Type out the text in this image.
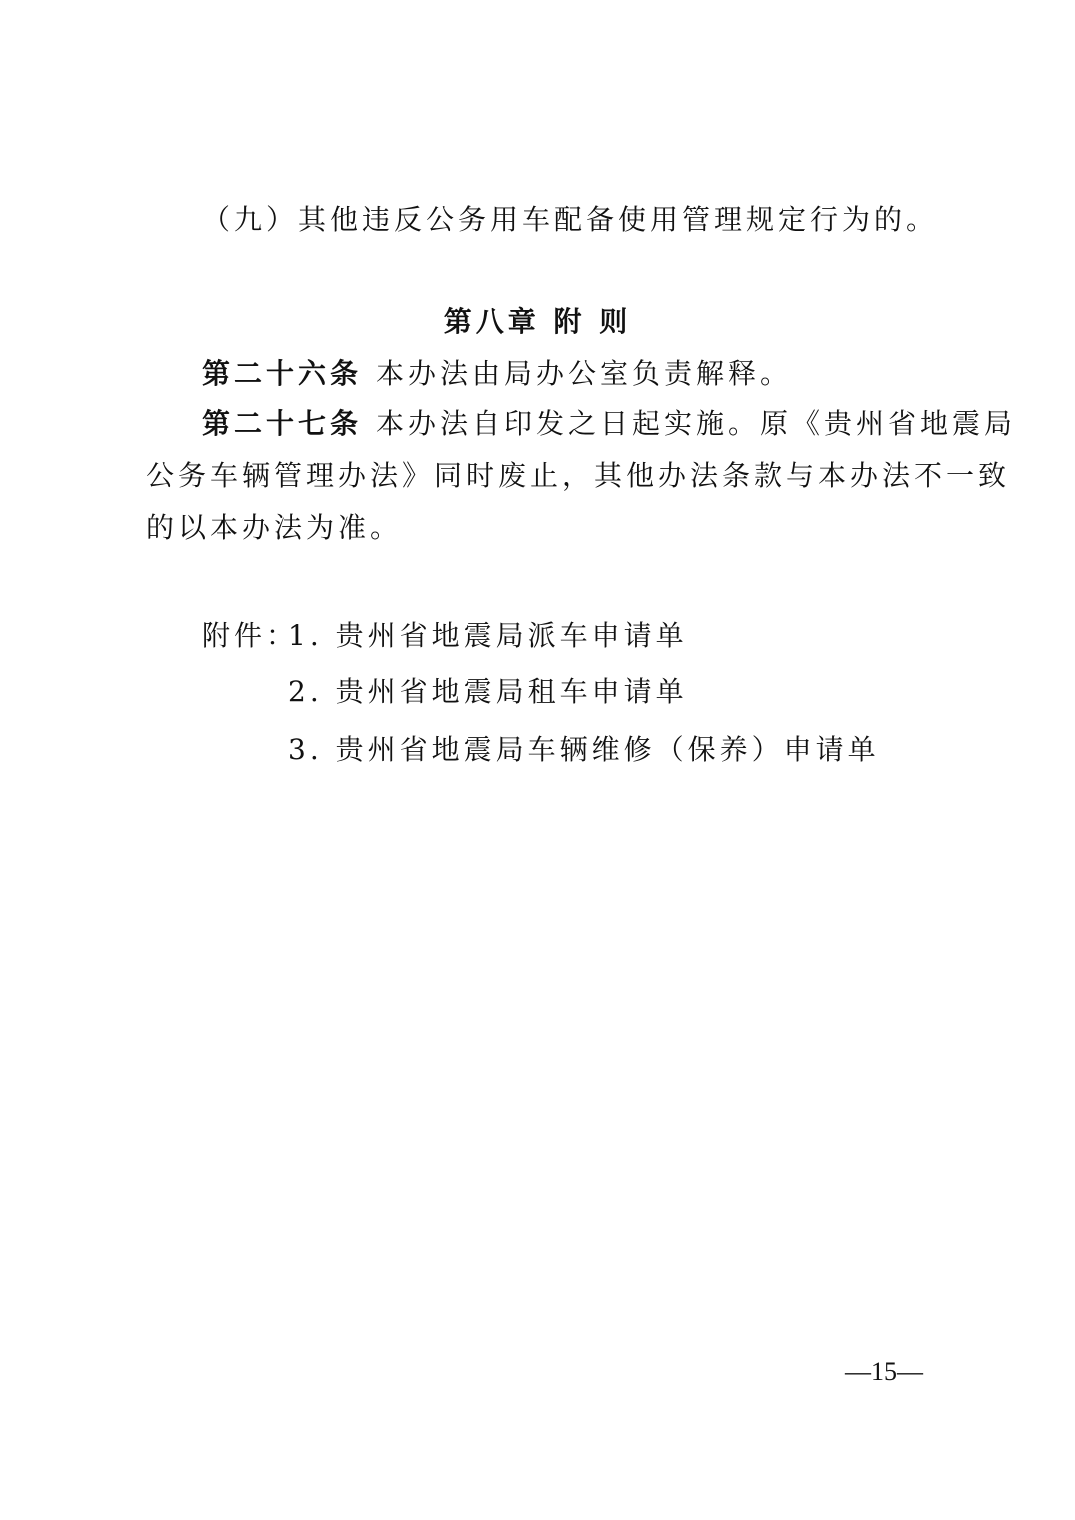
（九）其他违反公务用车配备使用管理规定行为的。
第八章 附 则
第二十六条 本办法由局办公室负责解释。
第二十七条 本办法自印发之日起实施。原《贵州省地震局
公务车辆管理办法》同时废止，其他办法条款与本办法不一致
的以本办法为准。
附件：
1. 贵州省地震局派车申请单
2. 贵州省地震局租车申请单
3. 贵州省地震局车辆维修（保养）申请单
—15—
